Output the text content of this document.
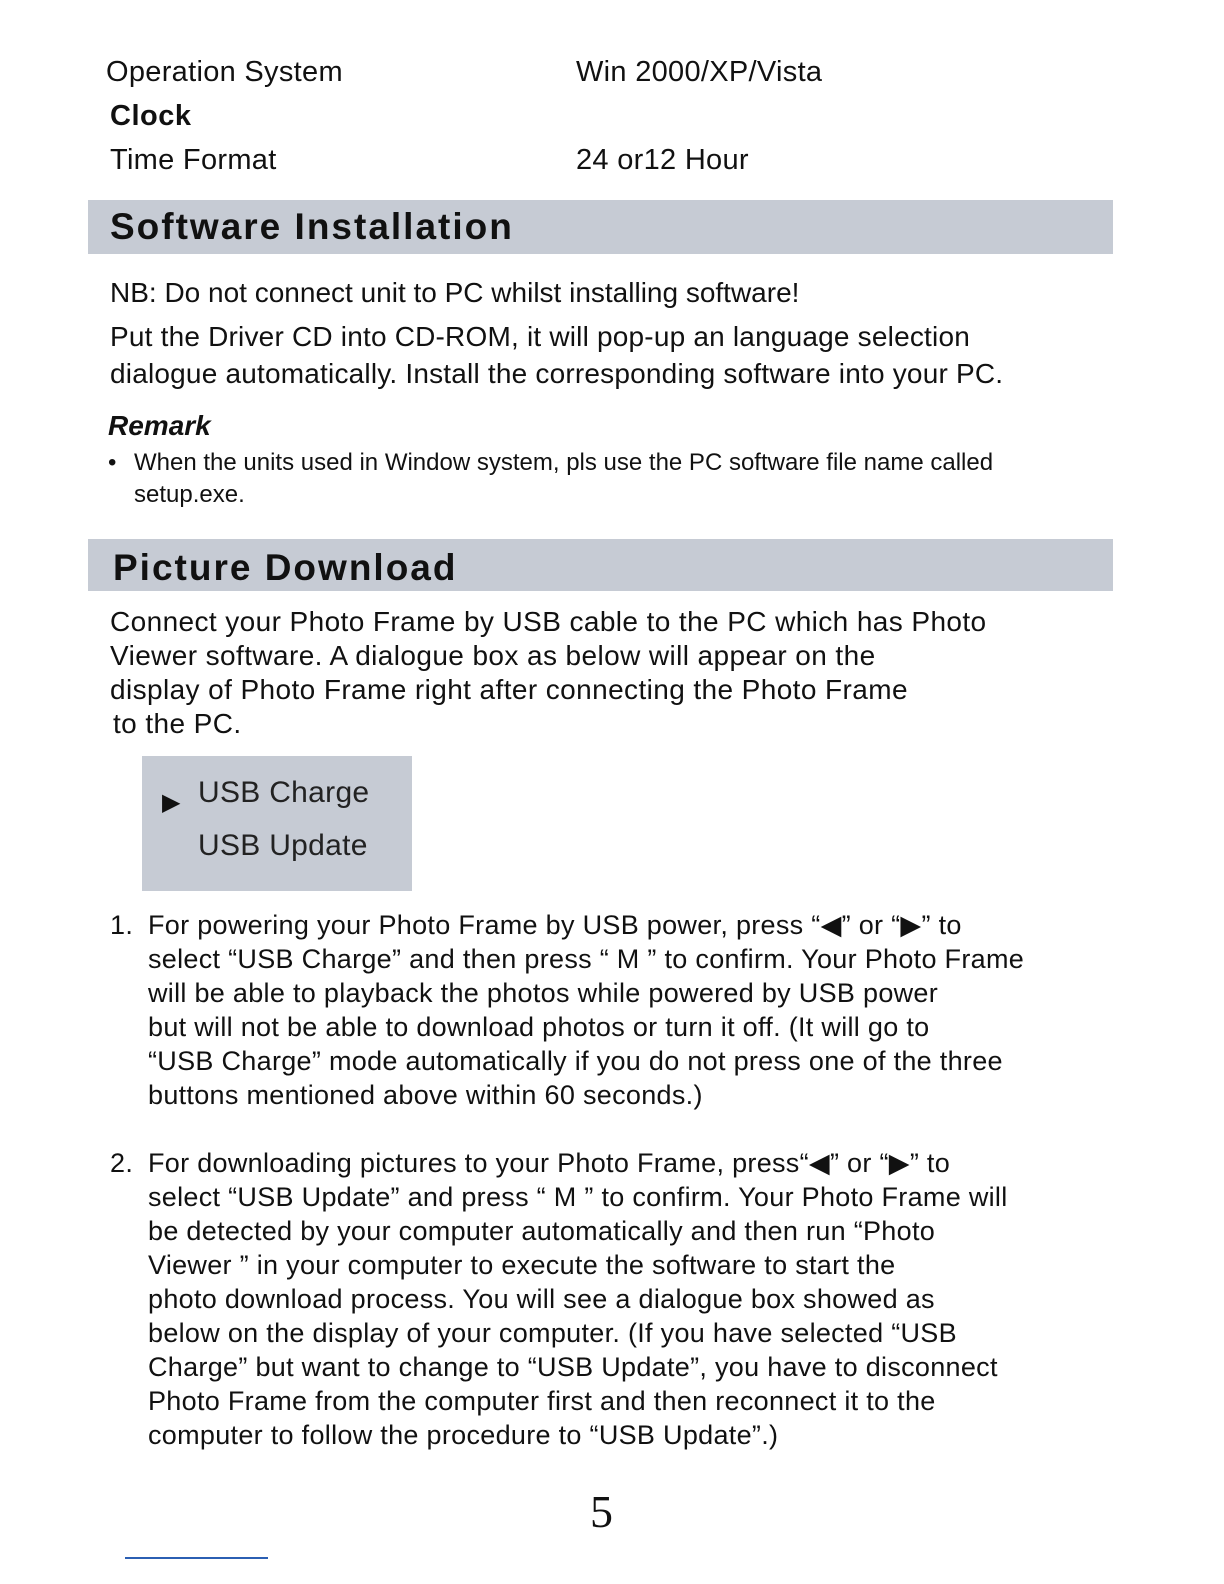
Operation System	Win 2000/XP/Vista
Clock
Time Format	24 or12 Hour
Software Installation
NB: Do not connect unit to PC whilst installing software!
Put the Driver CD into CD-ROM, it will pop-up an language selection
dialogue automatically. Install the corresponding software into your PC.
Remark
• When the units used in Window system, pls use the PC software file name called
setup.exe.
Picture Download
Connect your Photo Frame by USB cable to the PC which has Photo
Viewer software. A dialogue box as below will appear on the
display of Photo Frame right after connecting the Photo Frame
to the PC.
▶ USB Charge
USB Update
1. For powering your Photo Frame by USB power, press “◀” or “▶” to
select “USB Charge” and then press “ M ” to confirm. Your Photo Frame
will be able to playback the photos while powered by USB power
but will not be able to download photos or turn it off. (It will go to
“USB Charge” mode automatically if you do not press one of the three
buttons mentioned above within 60 seconds.)
2. For downloading pictures to your Photo Frame, press“◀” or “▶” to
select “USB Update” and press “ M ” to confirm. Your Photo Frame will
be detected by your computer automatically and then run “Photo
Viewer ” in your computer to execute the software to start the
photo download process. You will see a dialogue box showed as
below on the display of your computer. (If you have selected “USB
Charge” but want to change to “USB Update”, you have to disconnect
Photo Frame from the computer first and then reconnect it to the
computer to follow the procedure to “USB Update”.)
5
